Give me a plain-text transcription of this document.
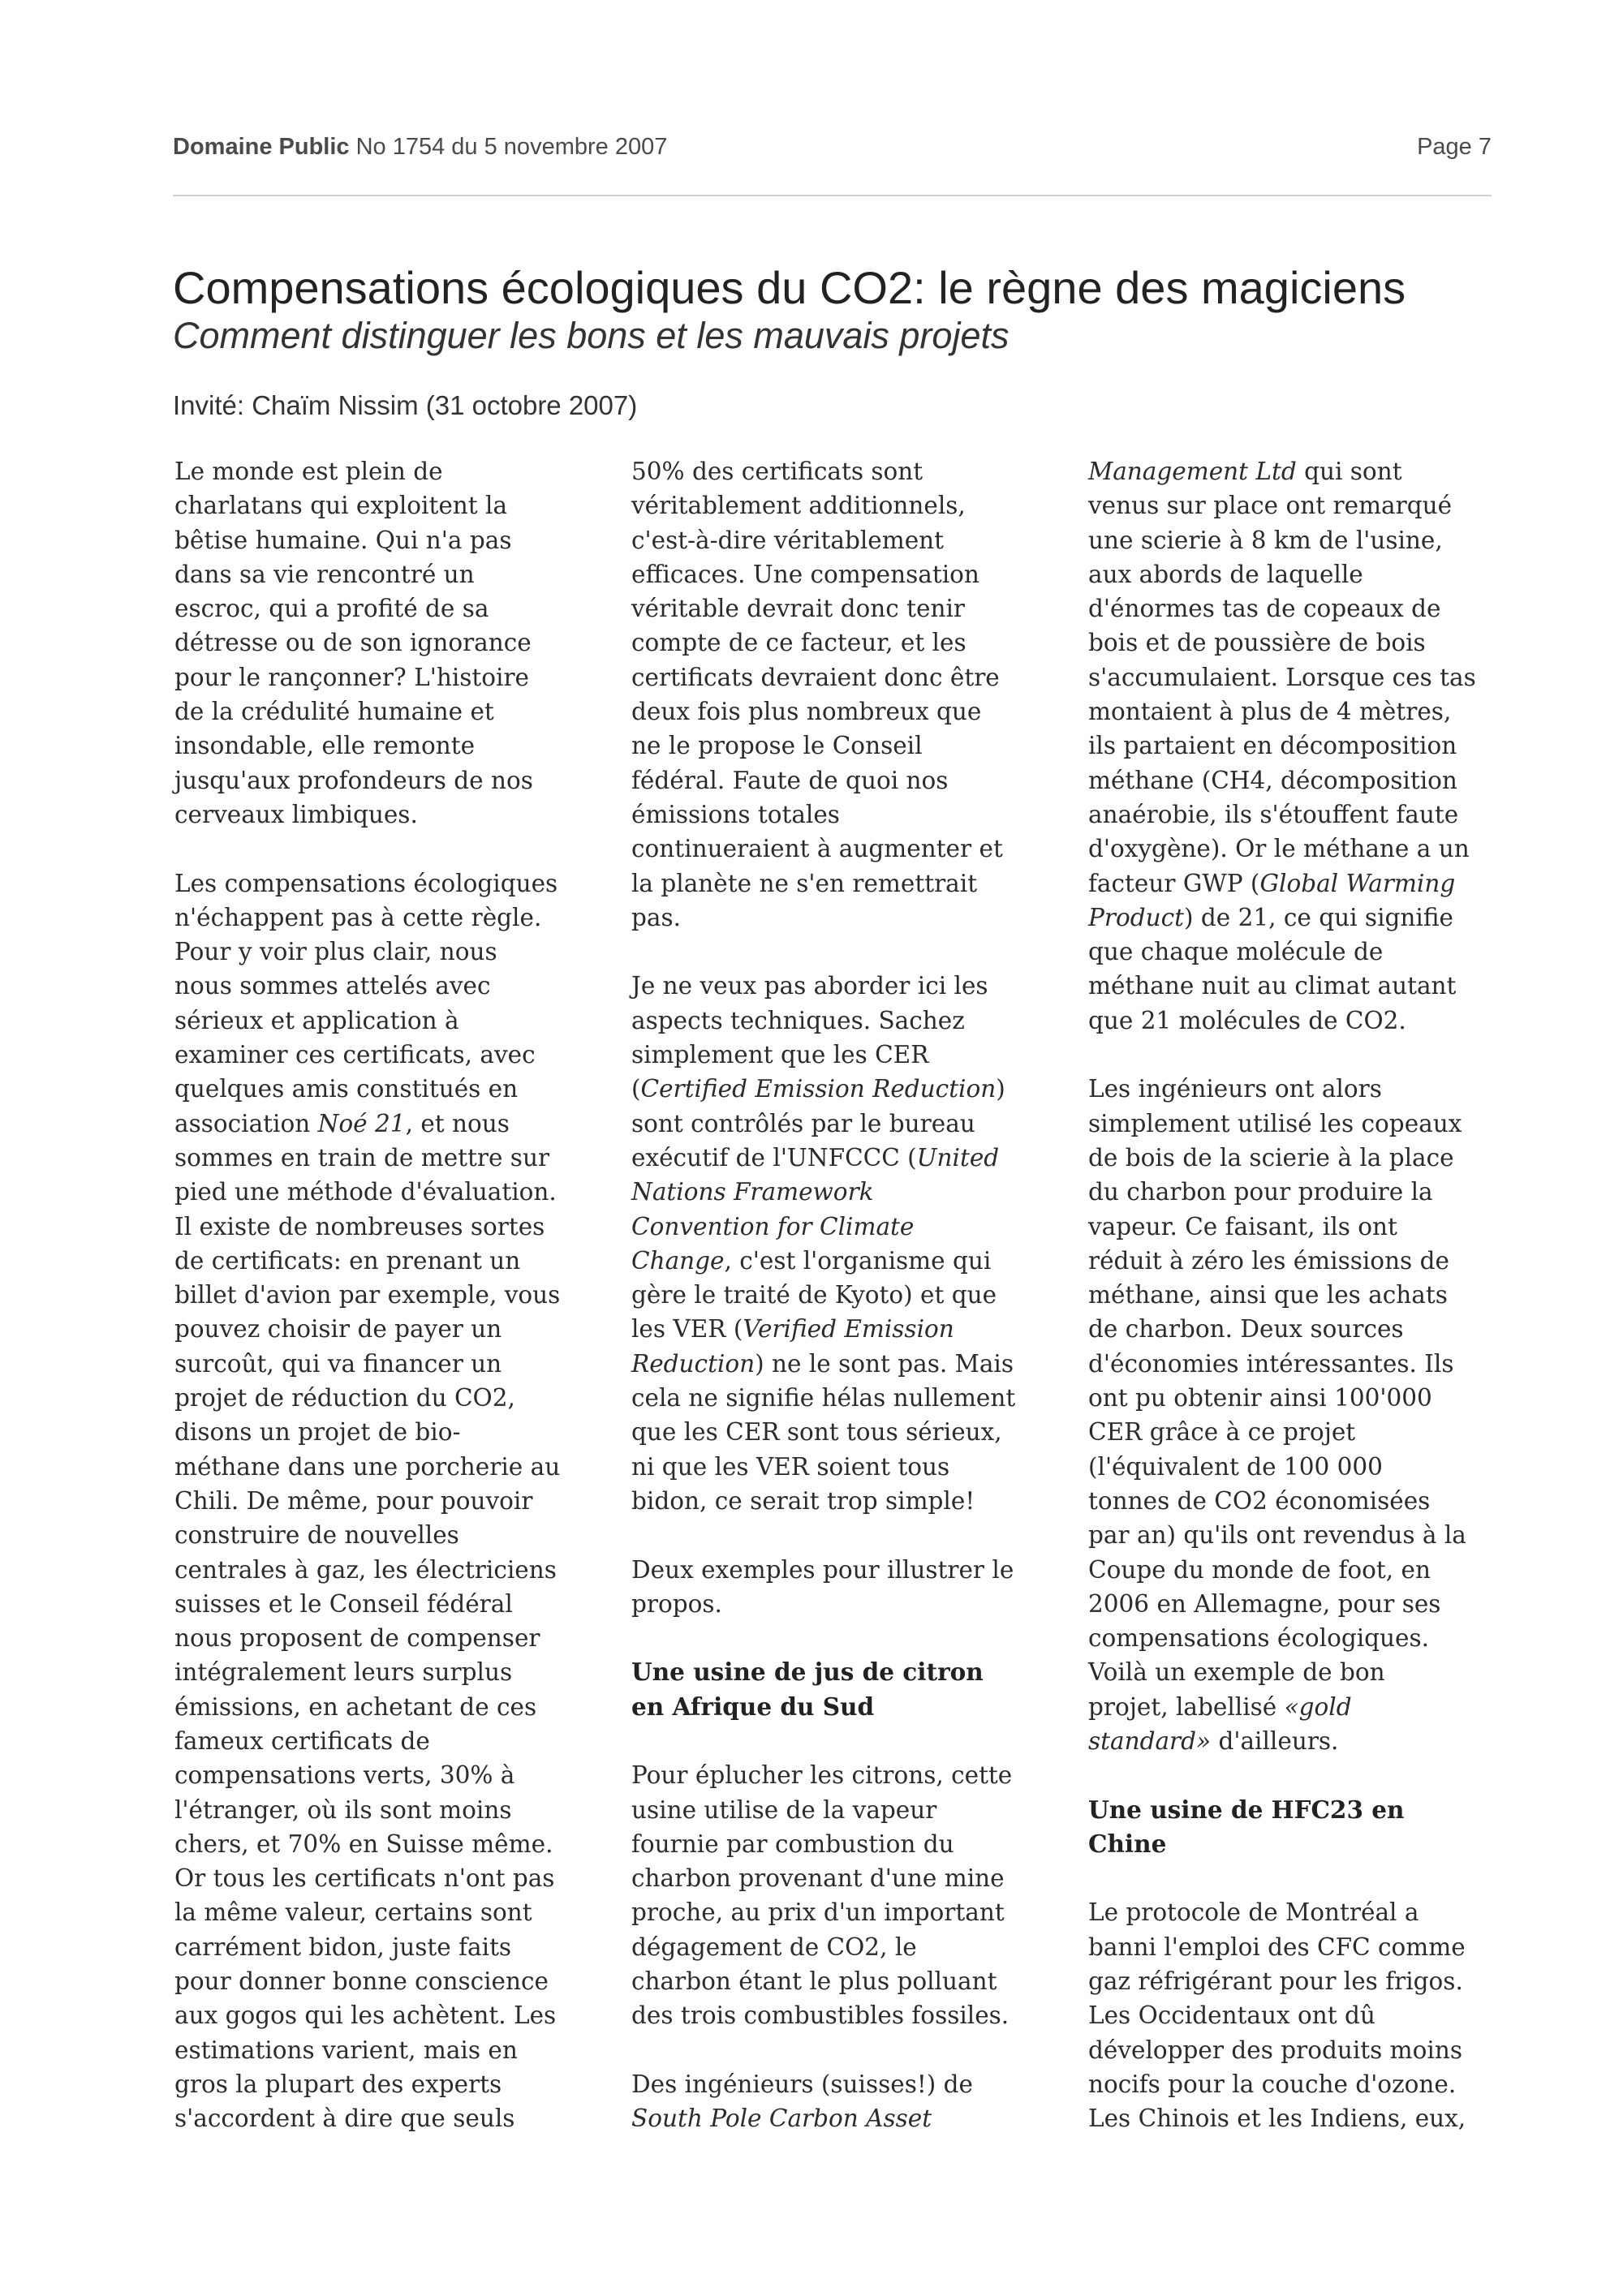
Domaine Public No 1754 du 5 novembre 2007	Page 7
Compensations écologiques du CO2: le règne des magiciens
Comment distinguer les bons et les mauvais projets
Invité: Chaïm Nissim (31 octobre 2007)

Le monde est plein de
charlatans qui exploitent la
bêtise humaine. Qui n'a pas
dans sa vie rencontré un
escroc, qui a profité de sa
détresse ou de son ignorance
pour le rançonner? L'histoire
de la crédulité humaine et
insondable, elle remonte
jusqu'aux profondeurs de nos
cerveaux limbiques.

Les compensations écologiques
n'échappent pas à cette règle.
Pour y voir plus clair, nous
nous sommes attelés avec
sérieux et application à
examiner ces certificats, avec
quelques amis constitués en
association Noé 21, et nous
sommes en train de mettre sur
pied une méthode d'évaluation.
Il existe de nombreuses sortes
de certificats: en prenant un
billet d'avion par exemple, vous
pouvez choisir de payer un
surcoût, qui va financer un
projet de réduction du CO2,
disons un projet de bio-
méthane dans une porcherie au
Chili. De même, pour pouvoir
construire de nouvelles
centrales à gaz, les électriciens
suisses et le Conseil fédéral
nous proposent de compenser
intégralement leurs surplus
émissions, en achetant de ces
fameux certificats de
compensations verts, 30% à
l'étranger, où ils sont moins
chers, et 70% en Suisse même.
Or tous les certificats n'ont pas
la même valeur, certains sont
carrément bidon, juste faits
pour donner bonne conscience
aux gogos qui les achètent. Les
estimations varient, mais en
gros la plupart des experts
s'accordent à dire que seuls

50% des certificats sont
véritablement additionnels,
c'est-à-dire véritablement
efficaces. Une compensation
véritable devrait donc tenir
compte de ce facteur, et les
certificats devraient donc être
deux fois plus nombreux que
ne le propose le Conseil
fédéral. Faute de quoi nos
émissions totales
continueraient à augmenter et
la planète ne s'en remettrait
pas.

Je ne veux pas aborder ici les
aspects techniques. Sachez
simplement que les CER
(Certified Emission Reduction)
sont contrôlés par le bureau
exécutif de l'UNFCCC (United
Nations Framework
Convention for Climate
Change, c'est l'organisme qui
gère le traité de Kyoto) et que
les VER (Verified Emission
Reduction) ne le sont pas. Mais
cela ne signifie hélas nullement
que les CER sont tous sérieux,
ni que les VER soient tous
bidon, ce serait trop simple!

Deux exemples pour illustrer le
propos.

Une usine de jus de citron
en Afrique du Sud

Pour éplucher les citrons, cette
usine utilise de la vapeur
fournie par combustion du
charbon provenant d'une mine
proche, au prix d'un important
dégagement de CO2, le
charbon étant le plus polluant
des trois combustibles fossiles.

Des ingénieurs (suisses!) de
South Pole Carbon Asset

Management Ltd qui sont
venus sur place ont remarqué
une scierie à 8 km de l'usine,
aux abords de laquelle
d'énormes tas de copeaux de
bois et de poussière de bois
s'accumulaient. Lorsque ces tas
montaient à plus de 4 mètres,
ils partaient en décomposition
méthane (CH4, décomposition
anaérobie, ils s'étouffent faute
d'oxygène). Or le méthane a un
facteur GWP (Global Warming
Product) de 21, ce qui signifie
que chaque molécule de
méthane nuit au climat autant
que 21 molécules de CO2.

Les ingénieurs ont alors
simplement utilisé les copeaux
de bois de la scierie à la place
du charbon pour produire la
vapeur. Ce faisant, ils ont
réduit à zéro les émissions de
méthane, ainsi que les achats
de charbon. Deux sources
d'économies intéressantes. Ils
ont pu obtenir ainsi 100'000
CER grâce à ce projet
(l'équivalent de 100 000
tonnes de CO2 économisées
par an) qu'ils ont revendus à la
Coupe du monde de foot, en
2006 en Allemagne, pour ses
compensations écologiques.
Voilà un exemple de bon
projet, labellisé «gold
standard» d'ailleurs.

Une usine de HFC23 en
Chine

Le protocole de Montréal a
banni l'emploi des CFC comme
gaz réfrigérant pour les frigos.
Les Occidentaux ont dû
développer des produits moins
nocifs pour la couche d'ozone.
Les Chinois et les Indiens, eux,
